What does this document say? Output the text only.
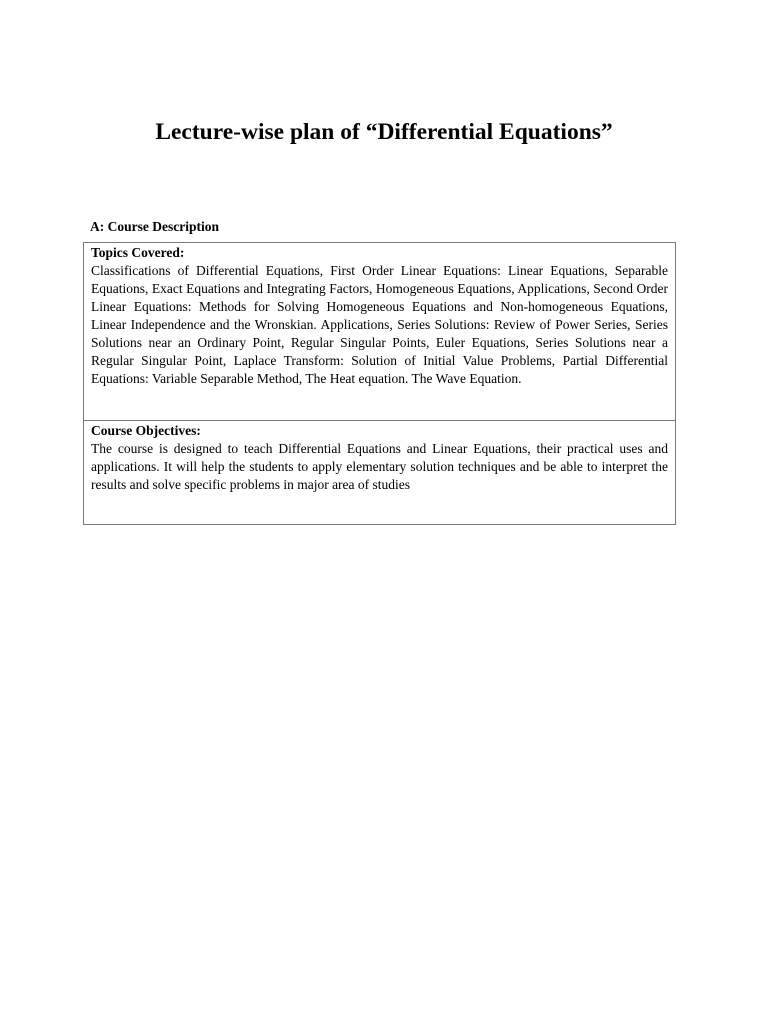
Lecture-wise plan of “Differential Equations”
A: Course Description

Topics Covered:

Classifications of Differential Equations, First Order Linear Equations: Linear Equations, Separable Equations, Exact Equations and Integrating Factors, Homogeneous Equations, Applications, Second Order Linear Equations: Methods for Solving Homogeneous Equations and Non-homogeneous Equations, Linear Independence and the Wronskian. Applications, Series Solutions: Review of Power Series, Series Solutions near an Ordinary Point, Regular Singular Points, Euler Equations, Series Solutions near a Regular Singular Point, Laplace Transform: Solution of Initial Value Problems, Partial Differential Equations: Variable Separable Method, The Heat equation. The Wave Equation.

Course Objectives:

The course is designed to teach Differential Equations and Linear Equations, their practical uses and applications. It will help the students to apply elementary solution techniques and be able to interpret the results and solve specific problems in major area of studies
